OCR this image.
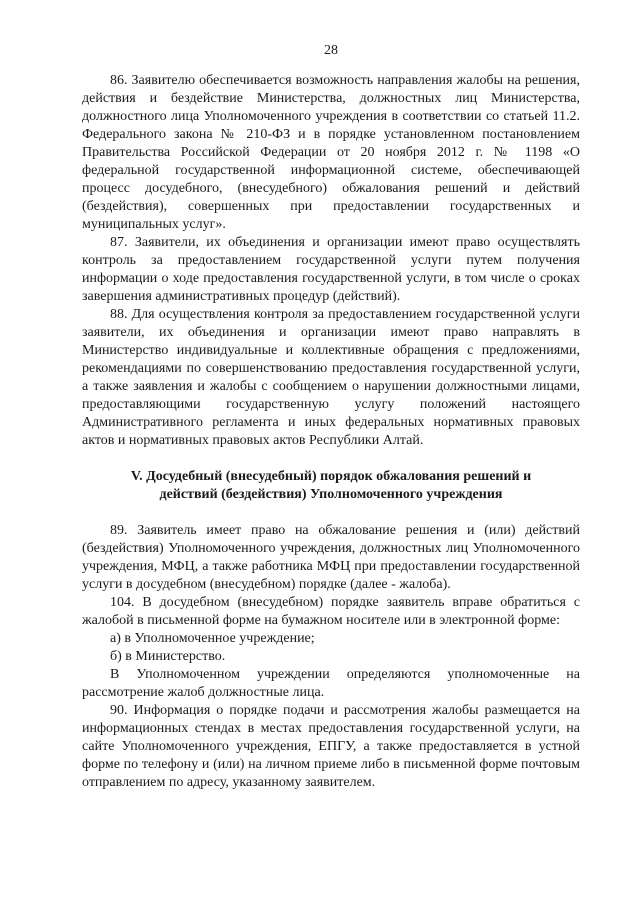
28

86. Заявителю обеспечивается возможность направления жалобы на решения, действия и бездействие Министерства, должностных лиц Министерства, должностного лица Уполномоченного учреждения в соответствии со статьей 11.2. Федерального закона № 210-ФЗ и в порядке установленном постановлением Правительства Российской Федерации от 20 ноября 2012 г. № 1198 «О федеральной государственной информационной системе, обеспечивающей процесс досудебного, (внесудебного) обжалования решений и действий (бездействия), совершенных при предоставлении государственных и муниципальных услуг».

87. Заявители, их объединения и организации имеют право осуществлять контроль за предоставлением государственной услуги путем получения информации о ходе предоставления государственной услуги, в том числе о сроках завершения административных процедур (действий).

88. Для осуществления контроля за предоставлением государственной услуги заявители, их объединения и организации имеют право направлять в Министерство индивидуальные и коллективные обращения с предложениями, рекомендациями по совершенствованию предоставления государственной услуги, а также заявления и жалобы с сообщением о нарушении должностными лицами, предоставляющими государственную услугу положений настоящего Административного регламента и иных федеральных нормативных правовых актов и нормативных правовых актов Республики Алтай.

V. Досудебный (внесудебный) порядок обжалования решений и

действий (бездействия) Уполномоченного учреждения

89. Заявитель имеет право на обжалование решения и (или) действий (бездействия) Уполномоченного учреждения, должностных лиц Уполномоченного учреждения, МФЦ, а также работника МФЦ при предоставлении государственной услуги в досудебном (внесудебном) порядке (далее - жалоба).

104. В досудебном (внесудебном) порядке заявитель вправе обратиться с жалобой в письменной форме на бумажном носителе или в электронной форме:

а) в Уполномоченное учреждение;

б) в Министерство.

В Уполномоченном учреждении определяются уполномоченные на рассмотрение жалоб должностные лица.

90. Информация о порядке подачи и рассмотрения жалобы размещается на информационных стендах в местах предоставления государственной услуги, на сайте Уполномоченного учреждения, ЕПГУ, а также предоставляется в устной форме по телефону и (или) на личном приеме либо в письменной форме почтовым отправлением по адресу, указанному заявителем.
